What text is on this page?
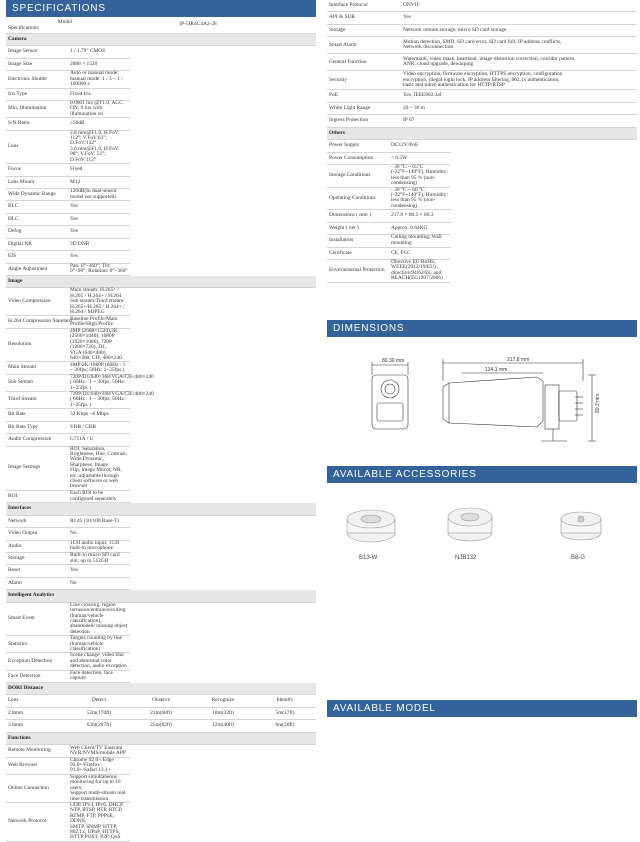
SPECIFICATIONS
Model
Specifications
	IP-5IR4C4A2-28
Camera	
Image Sensor	1 / 1.79" CMOS
Image Size	2888 × 1520
Electronic Shutter	Auto or manual mode; manual mode: 1 / 3 ~ 1 / 100000 s
Iris Type	Fixed Iris
Min. Illumination	0.0001 lux @F1.0, AGC ON; 0 lux with illumination on
S/N Ratio	≥56dB
Lens	2.8 mm@F1.0, H.FoV: 112°; V.FoV:61°; D.FoV:132°
3.6 mm@F1.0, H.FoV: 98°; V.FoV: 51°; D.FoV:112°
Focus	Fixed
Lens Mount	M12
Wide Dynamic Range	120dB(In dual-sensor model not supported)
BLC	Yes
HLC	Yes
Defog	Yes
Digital NR	3D DNR
EIS	Yes
Angle Adjustment	Pan: 0°~360°; Tilt: 0°~90°; Rotation: 0°~360°
Image	
Video Compression	Main stream: H.265+ / H.265 / H.264+ / H.264
Sub stream/Third stream: H.265+/H.265 / H.264+ / H.264 / MJPEG
H.264 Compression Standard	Baseline Profile/Main Profile/High Profile
Resolution	4MP (2688×1520),2K (2560×1440), 1080P (1920×1080), 720P (1280×720), D1,
VGA (640×480), 640×368, CIF, 480×240
Main Stream	4MP/2K/1080P (60Hz : 1 ~ 30fps; 50Hz: 1~25fps )
Sub Stream	720P/D1/640×368/VGA/CIF/480×240 ( 60Hz : 1 ~ 30fps; 50Hz: 1~25fps )
Third Stream	720P/D1/640×368/VGA/CIF/480×240 ( 60Hz : 1 ~ 30fps; 50Hz: 1~25fps )
Bit Rate	32 Kbps ~8 Mbps
Bit Rate Type	VBR / CBR
Audio Compression	G711A / U
Image Settings	ROI, Saturation, Brightness, Hue, Contrast, Wide Dynamic, Sharpness, Image
Flip, Image Mirror, NR, etc. adjustable through client software or web browser
ROI	Each ROI to be configured separately
Interfaces	
Network	RJ 45 (10/100 Base-T)
Video Output	No
Audio	1CH audio input; 1CH built-in microphone
Storage	Built-in micro SD card slot, up to 512GB
Reset	Yes
Alarm	No
Intelligent Analytics	
Smart Event	Line crossing, region intrusion/entrance/exiting (human/vehicle classification),
abandoned/ missing object detection
Statistics	Targets counting by line (human/vehicle classification)
Exception Detection	Scene change, video blur and abnormal color detection, audio exception
Face Detection	Face detection, face capture
DORI Distance				
Lens	Detect	Observe	Recognize	Identify
2.8mm	52m(170ft)	21m(68ft)	10m(33ft)	5m(17ft)
3.6mm	63m(207ft)	25m(82ft)	12m(40ft)	6m(20ft)
Functions	
Remote Monitoring	Web Client/TV Eastcam NVR/NVMS/mobile APP
Web Browser	Chrome 92.0+/Edge 92.0+/Firefox 91.0+/Safari 13.1+
Online Connection	Support simultaneous monitoring for up to 10 users;
Support multi-stream real time transmission
Network Protocol	UDP, IPv4, IPv6, DHCP, NTP, RTSP, RTP, RTCP, RTMP, FTP, PPPoE, DDNS,
SMTP, SNMP, HTTP, 802.1x, UPnP, HTTPS, HTTP POST, P2P, QoS
Interface Protocol	ONVIF
API & SDK	Yes
Storage	Network remote storage; micro SD card storage
Smart Alarm	Motion detection, SMD, SD card error, SD card full, IP address conflicts,
Network disconnection
General Function	Watermark, video mask, heartbeat, image distortion correction, corridor pattern,
ANR, cloud upgrade, dewarping
Security	Video encryption, firmware encryption, HTTPS encryption, configuration
encryption, illegal login lock, IP address filtering, 802.1x authentication,
basic and token authentication for HTTP/RTSP
PoE	Yes, IEEE802.3af
White Light Range	20 ~ 30 m
Ingress Protection	IP 67
Others	
Power Supply	DC12V/PoE
Power Consumption	< 6.5W
Storage Conditions	- 30 °C ~ 65°C (-22°F~149°F), Humidity: less than 95 % (non-condensing)
Operating Conditions	- 30 °C ~ 60 °C (-22°F~140°F), Humidity: less than 95 % (non-condensing)
Dimensions ( mm )	217.8 × 80.5 × 80.3
Weight ( net )	Approx. 0.64KG
Installation	Ceiling mounting; Wall mounting
Certificate	CE, FCC
Environmental Protection	Directive EU RoHS, WEEE(2012/19/EU) , directive/94/62/EC and
REACH(EC1907/2006)
DIMENSIONS
80.30 mm	217.8 mm
134.1 mm
80.3 mm
AVAILABLE ACCESSORIES
B13-W	NJB132	B8-G
AVAILABLE MODEL
